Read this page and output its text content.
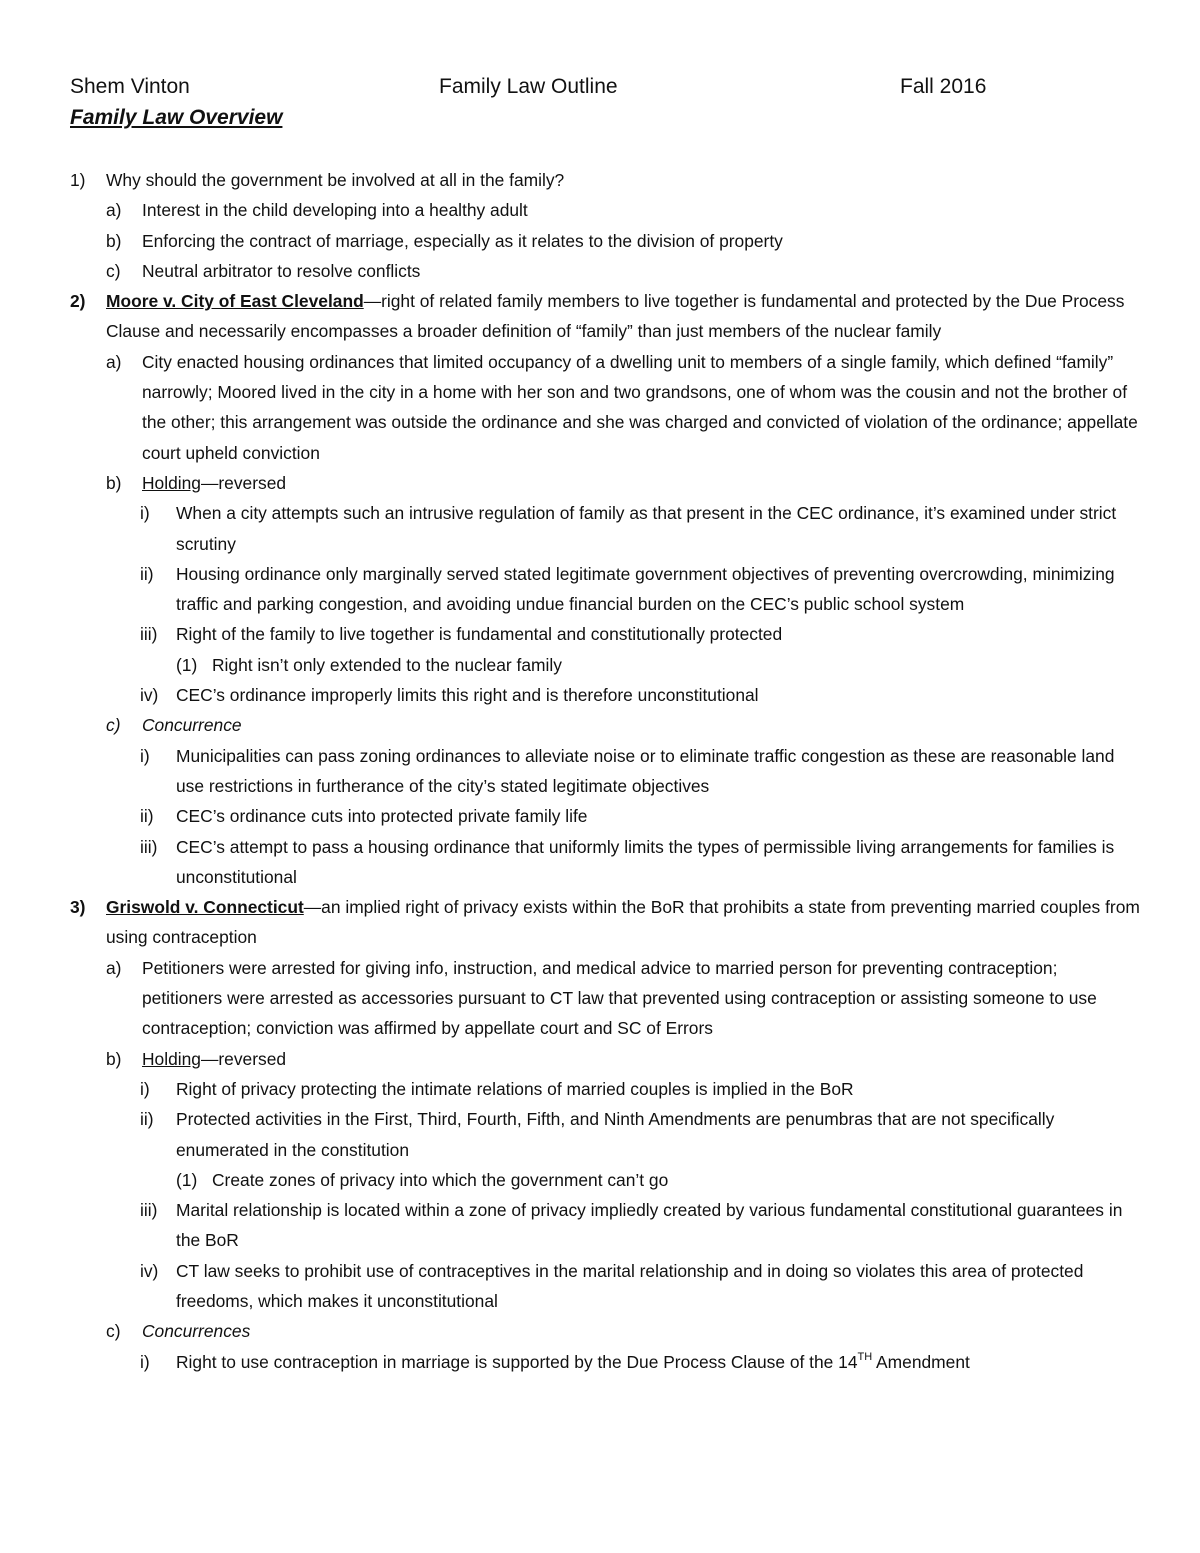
Shem Vinton	Family Law Outline	Fall 2016
Family Law Overview
1) Why should the government be involved at all in the family?
a) Interest in the child developing into a healthy adult
b) Enforcing the contract of marriage, especially as it relates to the division of property
c) Neutral arbitrator to resolve conflicts
2) Moore v. City of East Cleveland—right of related family members to live together is fundamental and protected by the Due Process Clause and necessarily encompasses a broader definition of “family” than just members of the nuclear family
a) City enacted housing ordinances that limited occupancy of a dwelling unit to members of a single family, which defined “family” narrowly; Moored lived in the city in a home with her son and two grandsons, one of whom was the cousin and not the brother of the other; this arrangement was outside the ordinance and she was charged and convicted of violation of the ordinance; appellate court upheld conviction
b) Holding—reversed
i) When a city attempts such an intrusive regulation of family as that present in the CEC ordinance, it’s examined under strict scrutiny
ii) Housing ordinance only marginally served stated legitimate government objectives of preventing overcrowding, minimizing traffic and parking congestion, and avoiding undue financial burden on the CEC’s public school system
iii) Right of the family to live together is fundamental and constitutionally protected
(1) Right isn’t only extended to the nuclear family
iv) CEC’s ordinance improperly limits this right and is therefore unconstitutional
c) Concurrence
i) Municipalities can pass zoning ordinances to alleviate noise or to eliminate traffic congestion as these are reasonable land use restrictions in furtherance of the city’s stated legitimate objectives
ii) CEC’s ordinance cuts into protected private family life
iii) CEC’s attempt to pass a housing ordinance that uniformly limits the types of permissible living arrangements for families is unconstitutional
3) Griswold v. Connecticut—an implied right of privacy exists within the BoR that prohibits a state from preventing married couples from using contraception
a) Petitioners were arrested for giving info, instruction, and medical advice to married person for preventing contraception; petitioners were arrested as accessories pursuant to CT law that prevented using contraception or assisting someone to use contraception; conviction was affirmed by appellate court and SC of Errors
b) Holding—reversed
i) Right of privacy protecting the intimate relations of married couples is implied in the BoR
ii) Protected activities in the First, Third, Fourth, Fifth, and Ninth Amendments are penumbras that are not specifically enumerated in the constitution
(1) Create zones of privacy into which the government can’t go
iii) Marital relationship is located within a zone of privacy impliedly created by various fundamental constitutional guarantees in the BoR
iv) CT law seeks to prohibit use of contraceptives in the marital relationship and in doing so violates this area of protected freedoms, which makes it unconstitutional
c) Concurrences
i) Right to use contraception in marriage is supported by the Due Process Clause of the 14TH Amendment
